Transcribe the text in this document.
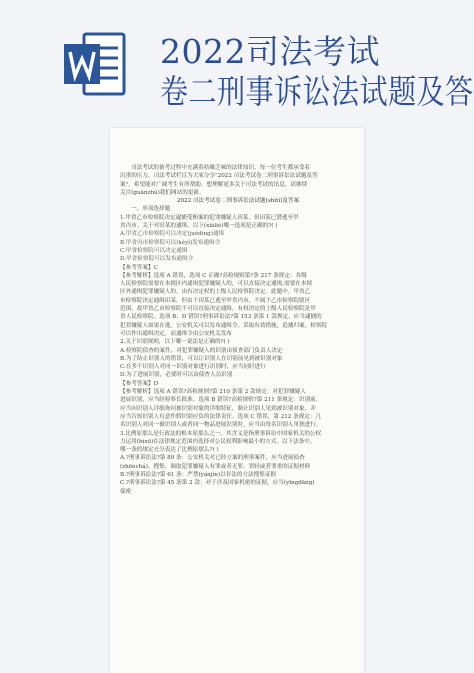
2022司法考试
卷二刑事诉讼法试题及答

司法考试的备考过程中充满着枯燥乏味的法律知识，每一位考生都承受着

沉重的压力，司法考试栏目为大家分享"2022 司法考试卷二刑事诉讼法试题及答

案"，希望能对广阔考生有所帮助。想理解更多关于司法考试的讯息，请继续

关注(guānzhù)我们网站的更新。

2022 司法考试卷二刑事诉讼法试题(shìtí)及答案

一、单项选择题

1.甲省乙市检察院决定逮捕受贿案的犯罪嫌疑人田某，但田某已潜逃至甲

省丙市。关于对田某的通缉，以下(xiàliè)哪一选项是正确的?( )

A.甲省乙市检察院可以决定(juédìng)通缉

B.甲省丙市检察院可以(kěyǐ)发布通缉令

C.甲省检察院可以决定通缉

D.甲省检察院可以发布通缉令

【参考答案】C

【参考解析】选项 A 错误，选项 C 正确?高检规则第?条 217 条规定：各级

人民检察院需要在本辖区内通缉犯罪嫌疑人的，可以直接决定通缉;需要在本辖

区外通缉犯罪嫌疑人的，由有决定权的上级人民检察院决定。此题中，甲省乙

市检察院决定通缉田某，但由于田某已逃至甲省丙市，不属于乙市检察院辖区

范围，故甲省乙市检察院不可以直接决定通缉，有权决定的上级人民检察院是甲

省人民检察院。选项 B、D 错误?刑事诉讼法?第 153 条第 1 款规定，应当逮捕的

犯罪嫌疑人如果在逃，公安机关可以发布通缉令，采取有效措施，追捕归案。检察院

可以作出通缉决定，而通缉令由公安机关发布

2.关于识别规则，以下哪一说法是正确的?( )

A.检察院侦查的案件，对犯罪嫌疑人的识别由侦查部门负责人决定

B.为了防止识别人的错误，可以让识别人在识别前见到被识别对象

C.在多个识别人对同一识别对象进行识别时，应当同时进行

D.为了进展识别，必要时可以由侦查人员识别

【参考答案】D

【参考解析】选项 A 错误?高检规则?第 210 条第 2 款规定：对犯罪嫌疑人

进展识别，应当经检察长批准。选项 B 错误?高检规则?第 211 条规定：识别前，

应当向识别人详细询问被识别对象的详细特征，制止识别人见到被识别对象，并

应当告知识别人有意作假识别应负的法律责任。选项 C 错误，第 212 条规定：几

名识别人对同一被识别人或者同一物品进展识别时，应当由每名识别人单独进行。

3.比例原那么是行政法的根本原那么之一。其含义是指刑事诉讼中国家机关的公权

力运用(bìxū)在法律规定范围内选择对公民权利影响最小的方式。以下法条中，

哪一条的规定充分表达了比例原那么?( )

A.?刑事诉讼法?第 89 条：公安机关对已经立案的刑事案件，应当进展侦查

(zhēnchá)、搜集、调取犯罪嫌疑人有罪或者无罪、罪轻或者罪重的证据材料

B.?刑事诉讼法?第 61 条：严禁(yánjìn)以非法的方法搜集证据

C.?刑事诉讼法?第 45 条第 2 款：对于涉及国家机密的证据，应当(yīngdāng)

保密
